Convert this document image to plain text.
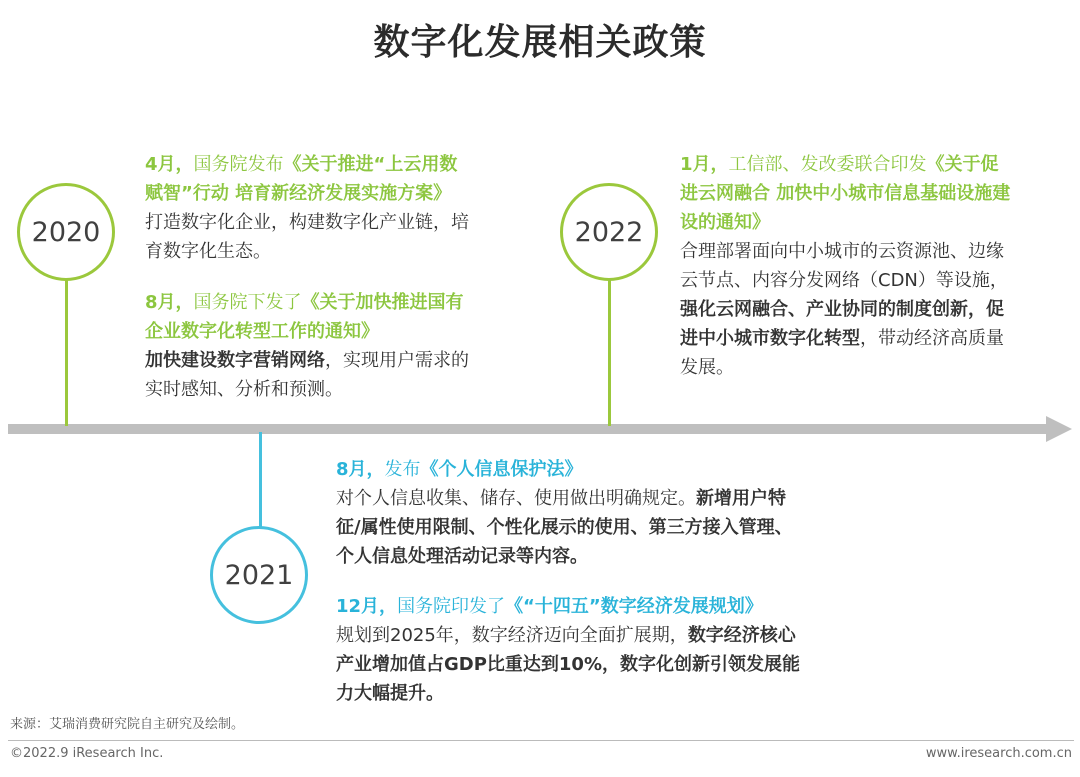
数字化发展相关政策
2020	2022
2021
4月，国务院发布《关于推进“上云用数
赋智”行动 培育新经济发展实施方案》
打造数字化企业，构建数字化产业链，培
育数字化生态。
8月，国务院下发了《关于加快推进国有
企业数字化转型工作的通知》
加快建设数字营销网络，实现用户需求的
实时感知、分析和预测。
1月，工信部、发改委联合印发《关于促
进云网融合 加快中小城市信息基础设施建
设的通知》
合理部署面向中小城市的云资源池、边缘
云节点、内容分发网络（CDN）等设施，
强化云网融合、产业协同的制度创新，促
进中小城市数字化转型，带动经济高质量
发展。
8月，发布《个人信息保护法》
对个人信息收集、储存、使用做出明确规定。新增用户特
征/属性使用限制、个性化展示的使用、第三方接入管理、
个人信息处理活动记录等内容。
12月，国务院印发了《“十四五”数字经济发展规划》
规划到2025年，数字经济迈向全面扩展期，数字经济核心
产业增加值占GDP比重达到10%，数字化创新引领发展能
力大幅提升。
来源：艾瑞消费研究院自主研究及绘制。
©2022.9 iResearch Inc.	www.iresearch.com.cn
